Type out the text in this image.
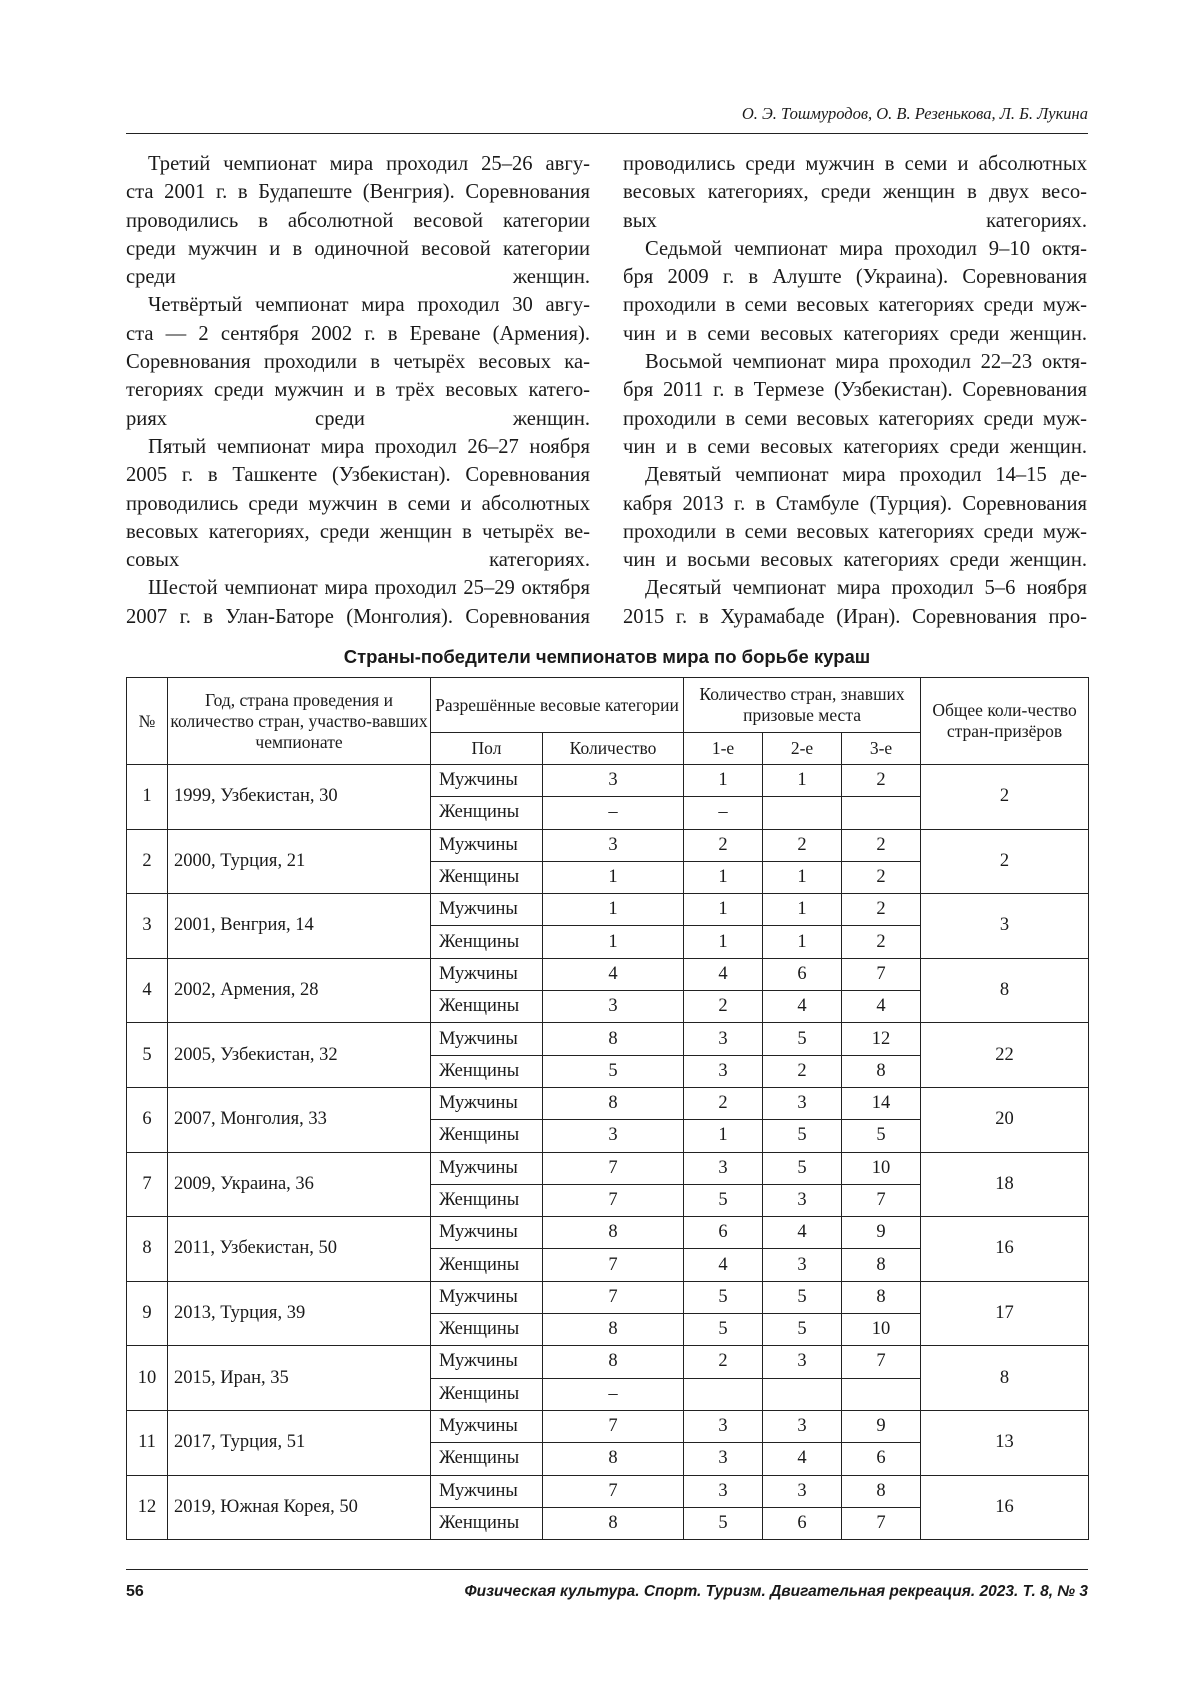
О. Э. Тошмуродов, О. В. Резенькова, Л. Б. Лукина

Третий чемпионат мира проходил 25–26 авгу-
ста 2001 г. в Будапеште (Венгрия). Соревнования
проводились в абсолютной весовой категории
среди мужчин и в одиночной весовой категории
среди женщин.

Четвёртый чемпионат мира проходил 30 авгу-
ста — 2 сентября 2002 г. в Ереване (Армения).
Соревнования проходили в четырёх весовых ка-
тегориях среди мужчин и в трёх весовых катего-
риях среди женщин.

Пятый чемпионат мира проходил 26–27 ноября
2005 г. в Ташкенте (Узбекистан). Соревнования
проводились среди мужчин в семи и абсолютных
весовых категориях, среди женщин в четырёх ве-
совых категориях.

Шестой чемпионат мира проходил 25–29 октября
2007 г. в Улан-Баторе (Монголия). Соревнования

проводились среди мужчин в семи и абсолютных
весовых категориях, среди женщин в двух весо-
вых категориях.

Седьмой чемпионат мира проходил 9–10 октя-
бря 2009 г. в Алуште (Украина). Соревнования
проходили в семи весовых категориях среди муж-
чин и в семи весовых категориях среди женщин.

Восьмой чемпионат мира проходил 22–23 октя-
бря 2011 г. в Термезе (Узбекистан). Соревнования
проходили в семи весовых категориях среди муж-
чин и в семи весовых категориях среди женщин.

Девятый чемпионат мира проходил 14–15 де-
кабря 2013 г. в Стамбуле (Турция). Соревнования
проходили в семи весовых категориях среди муж-
чин и восьми весовых категориях среди женщин.

Десятый чемпионат мира проходил 5–6 ноября
2015 г. в Хурамабаде (Иран). Соревнования про-

Страны-победители чемпионатов мира по борьбе кураш
№	Год, страна проведения и количество стран, участво-вавших чемпионате	Разрешённые весовые категории		Количество стран, знавших призовые места			Общее коли-чество стран-призёров
		Пол	Количество	1-е	2-е	3-е	
1	1999, Узбекистан, 30	Мужчины	3	1	1	2	2
		Женщины	–	–			
2	2000, Турция, 21	Мужчины	3	2	2	2	2
		Женщины	1	1	1	2	
3	2001, Венгрия, 14	Мужчины	1	1	1	2	3
		Женщины	1	1	1	2	
4	2002, Армения, 28	Мужчины	4	4	6	7	8
		Женщины	3	2	4	4	
5	2005, Узбекистан, 32	Мужчины	8	3	5	12	22
		Женщины	5	3	2	8	
6	2007, Монголия, 33	Мужчины	8	2	3	14	20
		Женщины	3	1	5	5	
7	2009, Украина, 36	Мужчины	7	3	5	10	18
		Женщины	7	5	3	7	
8	2011, Узбекистан, 50	Мужчины	8	6	4	9	16
		Женщины	7	4	3	8	
9	2013, Турция, 39	Мужчины	7	5	5	8	17
		Женщины	8	5	5	10	
10	2015, Иран, 35	Мужчины	8	2	3	7	8
		Женщины	–				
11	2017, Турция, 51	Мужчины	7	3	3	9	13
		Женщины	8	3	4	6	
12	2019, Южная Корея, 50	Мужчины	7	3	3	8	16
		Женщины	8	5	6	7	
56	Физическая культура. Спорт. Туризм. Двигательная рекреация. 2023. Т. 8, № 3
